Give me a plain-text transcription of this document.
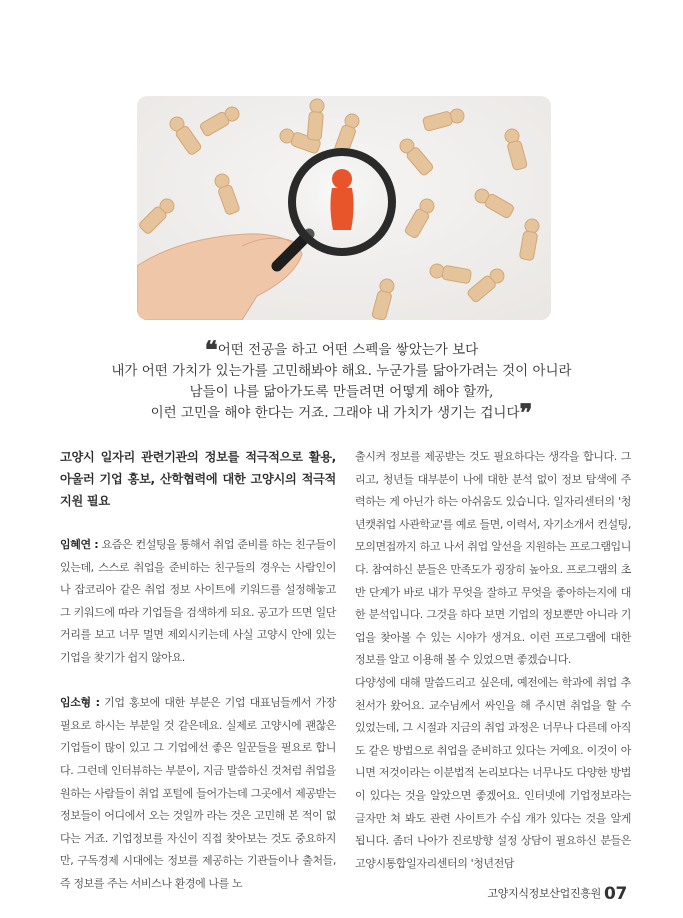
❝어떤 전공을 하고 어떤 스펙을 쌓았는가 보다
내가 어떤 가치가 있는가를 고민해봐야 해요. 누군가를 닮아가려는 것이 아니라
남들이 나를 닮아가도록 만들려면 어떻게 해야 할까,
이런 고민을 해야 한다는 거죠. 그래야 내 가치가 생기는 겁니다❞

고양시 일자리 관련기관의 정보를 적극적으로 활용, 아울러 기업 홍보, 산학협력에 대한 고양시의 적극적 지원 필요

임혜연 : 요즘은 컨설팅을 통해서 취업 준비를 하는 친구들이 있는데, 스스로 취업을 준비하는 친구들의 경우는 사람인이나 잡코리아 같은 취업 정보 사이트에 키워드를 설정해놓고 그 키워드에 따라 기업들을 검색하게 되요. 공고가 뜨면 일단 거리를 보고 너무 멀면 제외시키는데 사실 고양시 안에 있는 기업을 찾기가 쉽지 않아요.

임소형 : 기업 홍보에 대한 부분은 기업 대표님들께서 가장 필요로 하시는 부분일 것 같은데요. 실제로 고양시에 괜찮은 기업들이 많이 있고 그 기업에선 좋은 일꾼들을 필요로 합니다. 그런데 인터뷰하는 부분이, 지금 말씀하신 것처럼 취업을 원하는 사람들이 취업 포털에 들어가는데 그곳에서 제공받는 정보들이 어디에서 오는 것일까 라는 것은 고민해 본 적이 없다는 거죠. 기업정보를 자신이 직접 찾아보는 것도 중요하지만, 구독경제 시대에는 정보를 제공하는 기관들이나 출처들, 즉 정보를 주는 서비스나 환경에 나를 노

출시켜 정보를 제공받는 것도 필요하다는 생각을 합니다. 그리고, 청년들 대부분이 나에 대한 분석 없이 정보 탐색에 주력하는 게 아닌가 하는 아쉬움도 있습니다. 일자리센터의 '청년캣취업 사관학교'를 예로 들면, 이력서, 자기소개서 컨설팅, 모의면접까지 하고 나서 취업 알선을 지원하는 프로그램입니다. 참여하신 분들은 만족도가 굉장히 높아요. 프로그램의 초반 단계가 바로 내가 무엇을 잘하고 무엇을 좋아하는지에 대한 분석입니다. 그것을 하다 보면 기업의 정보뿐만 아니라 기업을 찾아볼 수 있는 시야가 생겨요. 이런 프로그램에 대한 정보를 알고 이용해 볼 수 있었으면 좋겠습니다.

다양성에 대해 말씀드리고 싶은데, 예전에는 학과에 취업 추천서가 왔어요. 교수님께서 싸인을 해 주시면 취업을 할 수 있었는데, 그 시절과 지금의 취업 과정은 너무나 다른데 아직도 같은 방법으로 취업을 준비하고 있다는 거예요. 이것이 아니면 저것이라는 이분법적 논리보다는 너무나도 다양한 방법이 있다는 것을 알았으면 좋겠어요. 인터넷에 기업정보라는 글자만 쳐 봐도 관련 사이트가 수십 개가 있다는 것을 알게 됩니다. 좀더 나아가 진로방향 설정 상담이 필요하신 분들은 고양시통합일자리센터의 '청년전담

고양지식정보산업진흥원 07
